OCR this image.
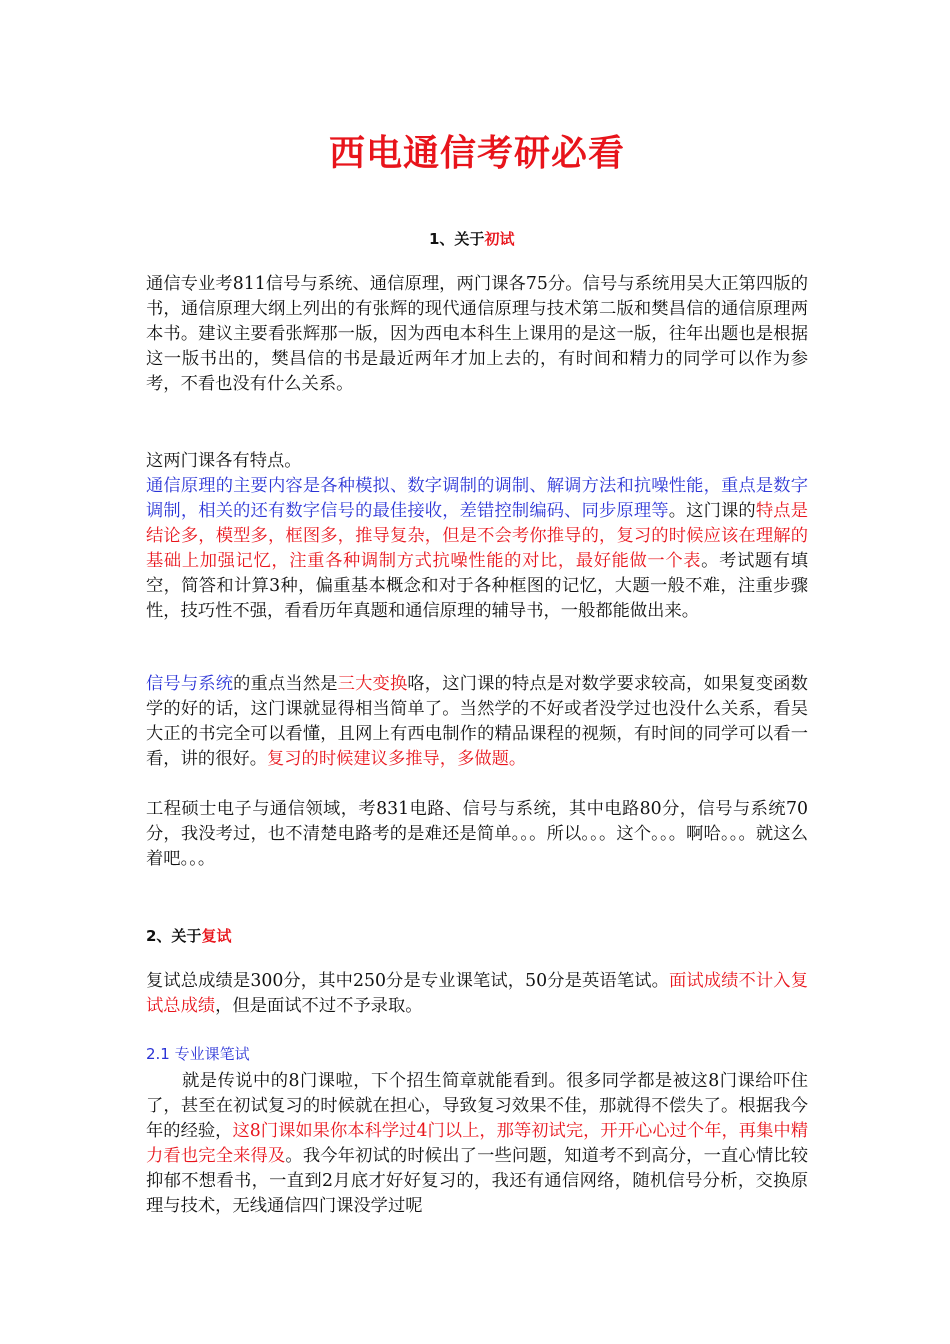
西电通信考研必看
1、关于初试

通信专业考811信号与系统、通信原理，两门课各75分。信号与系统用吴大正第四版的书，通信原理大纲上列出的有张辉的现代通信原理与技术第二版和樊昌信的通信原理两本书。建议主要看张辉那一版，因为西电本科生上课用的是这一版，往年出题也是根据这一版书出的，樊昌信的书是最近两年才加上去的，有时间和精力的同学可以作为参考，不看也没有什么关系。

这两门课各有特点。

通信原理的主要内容是各种模拟、数字调制的调制、解调方法和抗噪性能，重点是数字调制，相关的还有数字信号的最佳接收，差错控制编码、同步原理等。这门课的特点是结论多，模型多，框图多，推导复杂，但是不会考你推导的，复习的时候应该在理解的基础上加强记忆，注重各种调制方式抗噪性能的对比，最好能做一个表。考试题有填空，简答和计算3种，偏重基本概念和对于各种框图的记忆，大题一般不难，注重步骤性，技巧性不强，看看历年真题和通信原理的辅导书，一般都能做出来。

信号与系统的重点当然是三大变换咯，这门课的特点是对数学要求较高，如果复变函数学的好的话，这门课就显得相当简单了。当然学的不好或者没学过也没什么关系，看吴大正的书完全可以看懂，且网上有西电制作的精品课程的视频，有时间的同学可以看一看，讲的很好。复习的时候建议多推导，多做题。

工程硕士电子与通信领域，考831电路、信号与系统，其中电路80分，信号与系统70分，我没考过，也不清楚电路考的是难还是简单。。。所以。。。这个。。。啊哈。。。就这么着吧。。。

2、关于复试

复试总成绩是300分，其中250分是专业课笔试，50分是英语笔试。面试成绩不计入复试总成绩，但是面试不过不予录取。

2.1 专业课笔试

就是传说中的8门课啦，下个招生简章就能看到。很多同学都是被这8门课给吓住了，甚至在初试复习的时候就在担心，导致复习效果不佳，那就得不偿失了。根据我今年的经验，这8门课如果你本科学过4门以上，那等初试完，开开心心过个年，再集中精力看也完全来得及。我今年初试的时候出了一些问题，知道考不到高分，一直心情比较抑郁不想看书，一直到2月底才好好复习的，我还有通信网络，随机信号分析，交换原理与技术，无线通信四门课没学过呢
